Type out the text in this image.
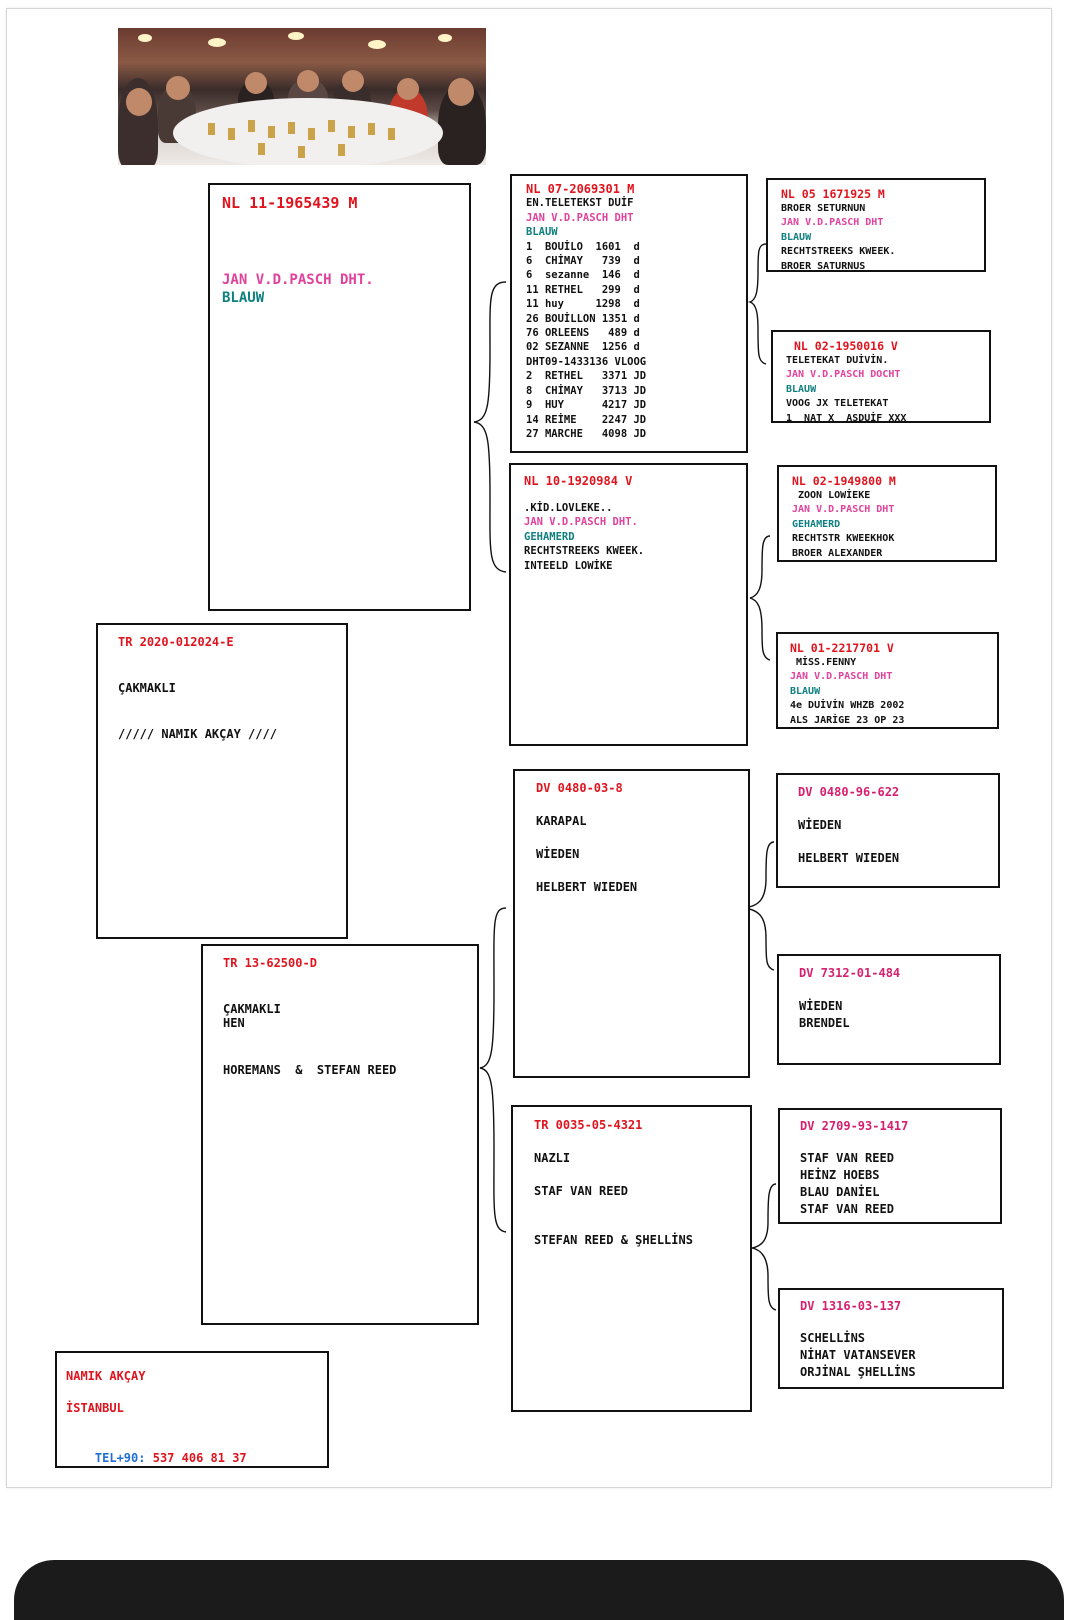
NL 11-1965439 M
JAN V.D.PASCH DHT.
BLAUW
TR 2020-012024-E
ÇAKMAKLI
///// NAMIK AKÇAY ////
TR 13-62500-D
ÇAKMAKLI
HEN
HOREMANS  &  STEFAN REED
NL 07-2069301 M
EN.TELETEKST DUİF
JAN V.D.PASCH DHT
BLAUW
1  BOUİLO  1601  d
6  CHİMAY   739  d
6  sezanne  146  d
11 RETHEL   299  d
11 huy     1298  d
26 BOUİLLON 1351 d
76 ORLEENS   489 d
02 SEZANNE  1256 d
DHT09-1433136 VLOOG
2  RETHEL   3371 JD
8  CHİMAY   3713 JD
9  HUY      4217 JD
14 REİME    2247 JD
27 MARCHE   4098 JD
NL 10-1920984 V
.KİD.LOVLEKE..
JAN V.D.PASCH DHT.
GEHAMERD
RECHTSTREEKS KWEEK.
INTEELD LOWİKE
DV 0480-03-8
KARAPAL
WİEDEN
HELBERT WIEDEN
TR 0035-05-4321
NAZLI
STAF VAN REED
STEFAN REED & ŞHELLİNS
NL 05 1671925 M
BROER SETURNUN
JAN V.D.PASCH DHT
BLAUW
RECHTSTREEKS KWEEK.
BROER SATURNUS
NL 02-1950016 V
TELETEKAT DUİVİN.
JAN V.D.PASCH DOCHT
BLAUW
VOOG JX TELETEKAT
1  NAT X  ASDUİF XXX
NL 02-1949800 M
ZOON LOWİEKE
JAN V.D.PASCH DHT
GEHAMERD
RECHTSTR KWEEKHOK
BROER ALEXANDER
NL 01-2217701 V
MİSS.FENNY
JAN V.D.PASCH DHT
BLAUW
4e DUİVİN WHZB 2002
ALS JARİGE 23 OP 23
DV 0480-96-622
WİEDEN
HELBERT WIEDEN
DV 7312-01-484
WİEDEN
BRENDEL
DV 2709-93-1417
STAF VAN REED
HEİNZ HOEBS
BLAU DANİEL
STAF VAN REED
DV 1316-03-137
SCHELLİNS
NİHAT VATANSEVER
ORJİNAL ŞHELLİNS
NAMIK AKÇAY
İSTANBUL

TEL+90: 537 406 81 37
